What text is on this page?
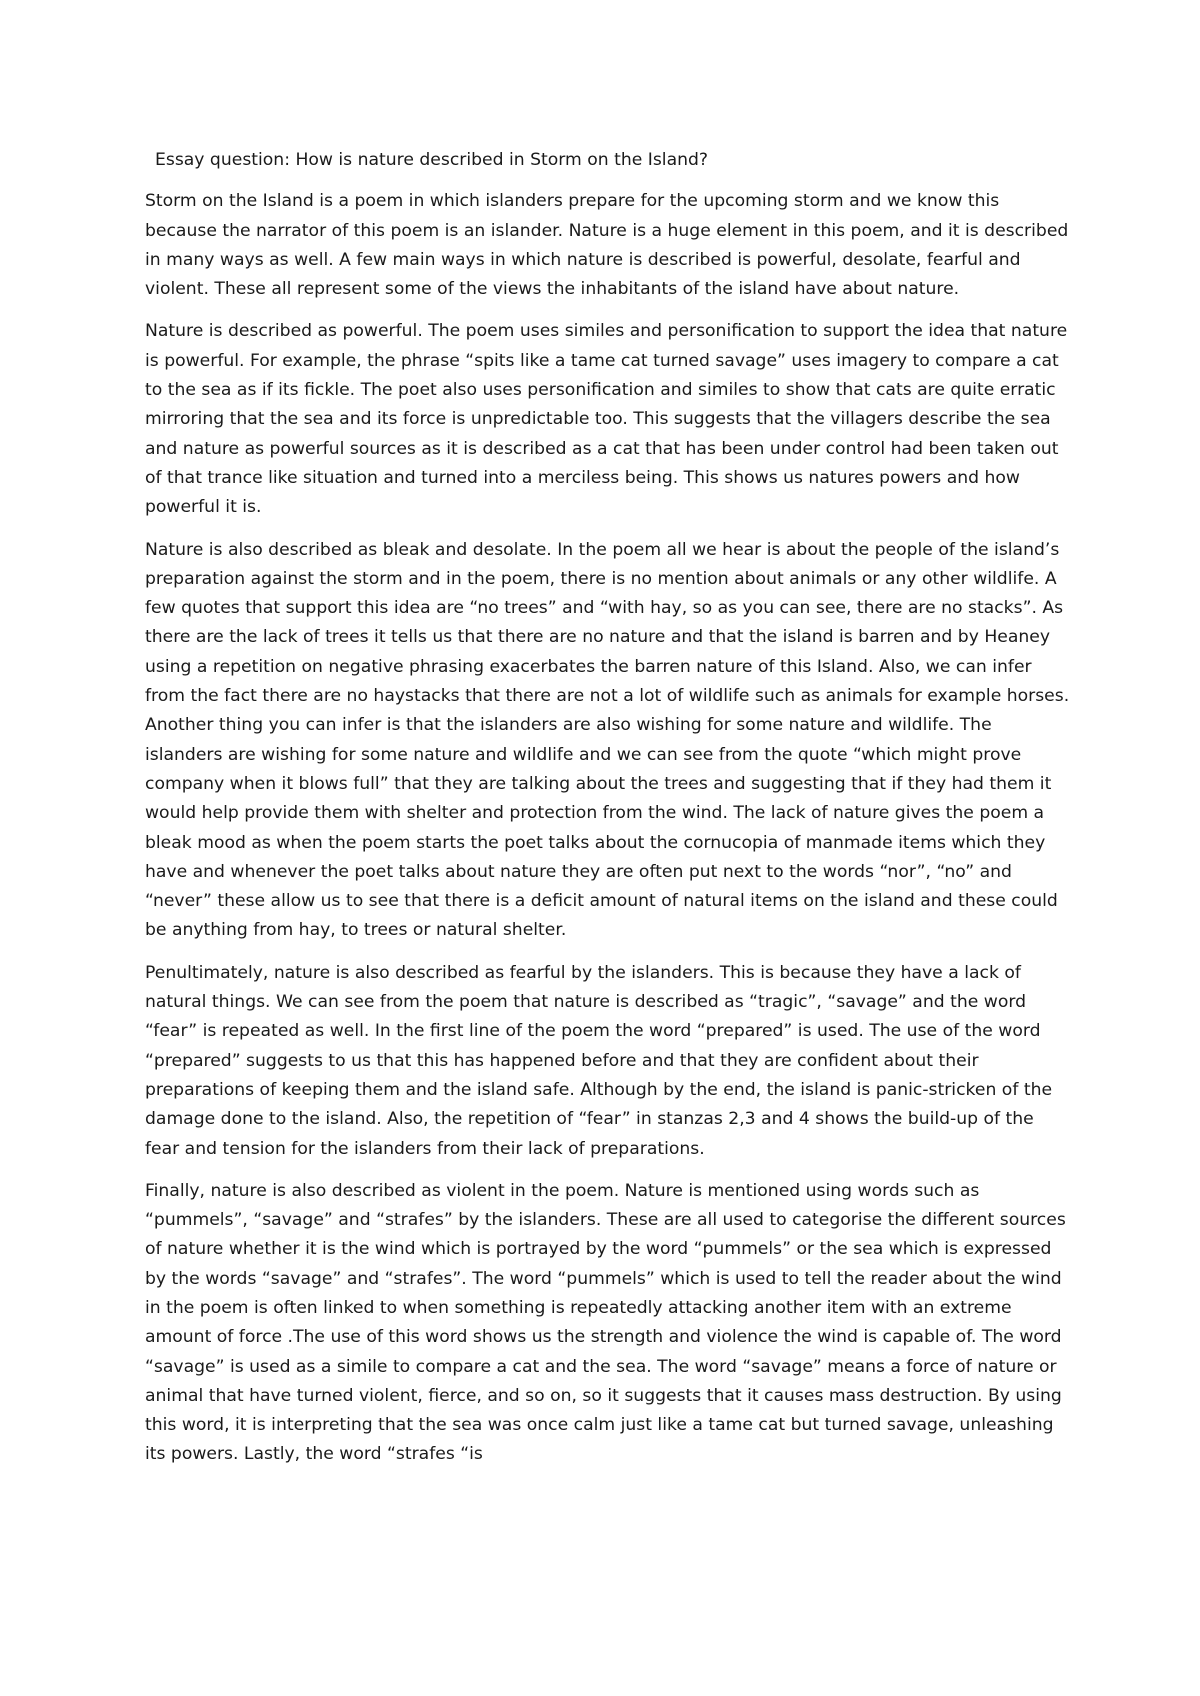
Essay question: How is nature described in Storm on the Island?

Storm on the Island is a poem in which islanders prepare for the upcoming storm and we know this because the narrator of this poem is an islander. Nature is a huge element in this poem, and it is described in many ways as well. A few main ways in which nature is described is powerful, desolate, fearful and violent. These all represent some of the views the inhabitants of the island have about nature.

Nature is described as powerful. The poem uses similes and personification to support the idea that nature is powerful. For example, the phrase “spits like a tame cat turned savage” uses imagery to compare a cat to the sea as if its fickle. The poet also uses personification and similes to show that cats are quite erratic mirroring that the sea and its force is unpredictable too. This suggests that the villagers describe the sea and nature as powerful sources as it is described as a cat that has been under control had been taken out of that trance like situation and turned into a merciless being. This shows us natures powers and how powerful it is.

Nature is also described as bleak and desolate. In the poem all we hear is about the people of the island’s preparation against the storm and in the poem, there is no mention about animals or any other wildlife. A few quotes that support this idea are “no trees” and “with hay, so as you can see, there are no stacks”. As there are the lack of trees it tells us that there are no nature and that the island is barren and by Heaney using a repetition on negative phrasing exacerbates the barren nature of this Island. Also, we can infer from the fact there are no haystacks that there are not a lot of wildlife such as animals for example horses. Another thing you can infer is that the islanders are also wishing for some nature and wildlife. The islanders are wishing for some nature and wildlife and we can see from the quote “which might prove company when it blows full” that they are talking about the trees and suggesting that if they had them it would help provide them with shelter and protection from the wind. The lack of nature gives the poem a bleak mood as when the poem starts the poet talks about the cornucopia of manmade items which they have and whenever the poet talks about nature they are often put next to the words “nor”, “no” and “never” these allow us to see that there is a deficit amount of natural items on the island and these could be anything from hay, to trees or natural shelter.

Penultimately, nature is also described as fearful by the islanders. This is because they have a lack of natural things. We can see from the poem that nature is described as “tragic”, “savage” and the word “fear” is repeated as well. In the first line of the poem the word “prepared” is used. The use of the word “prepared” suggests to us that this has happened before and that they are confident about their preparations of keeping them and the island safe. Although by the end, the island is panic-stricken of the damage done to the island. Also, the repetition of “fear” in stanzas 2,3 and 4 shows the build-up of the fear and tension for the islanders from their lack of preparations.

Finally, nature is also described as violent in the poem. Nature is mentioned using words such as “pummels”, “savage” and “strafes” by the islanders. These are all used to categorise the different sources of nature whether it is the wind which is portrayed by the word “pummels” or the sea which is expressed by the words “savage” and “strafes”. The word “pummels” which is used to tell the reader about the wind in the poem is often linked to when something is repeatedly attacking another item with an extreme amount of force .The use of this word shows us the strength and violence the wind is capable of. The word “savage” is used as a simile to compare a cat and the sea. The word “savage” means a force of nature or animal that have turned violent, fierce, and so on, so it suggests that it causes mass destruction. By using this word, it is interpreting that the sea was once calm just like a tame cat but turned savage, unleashing its powers. Lastly, the word “strafes “is
